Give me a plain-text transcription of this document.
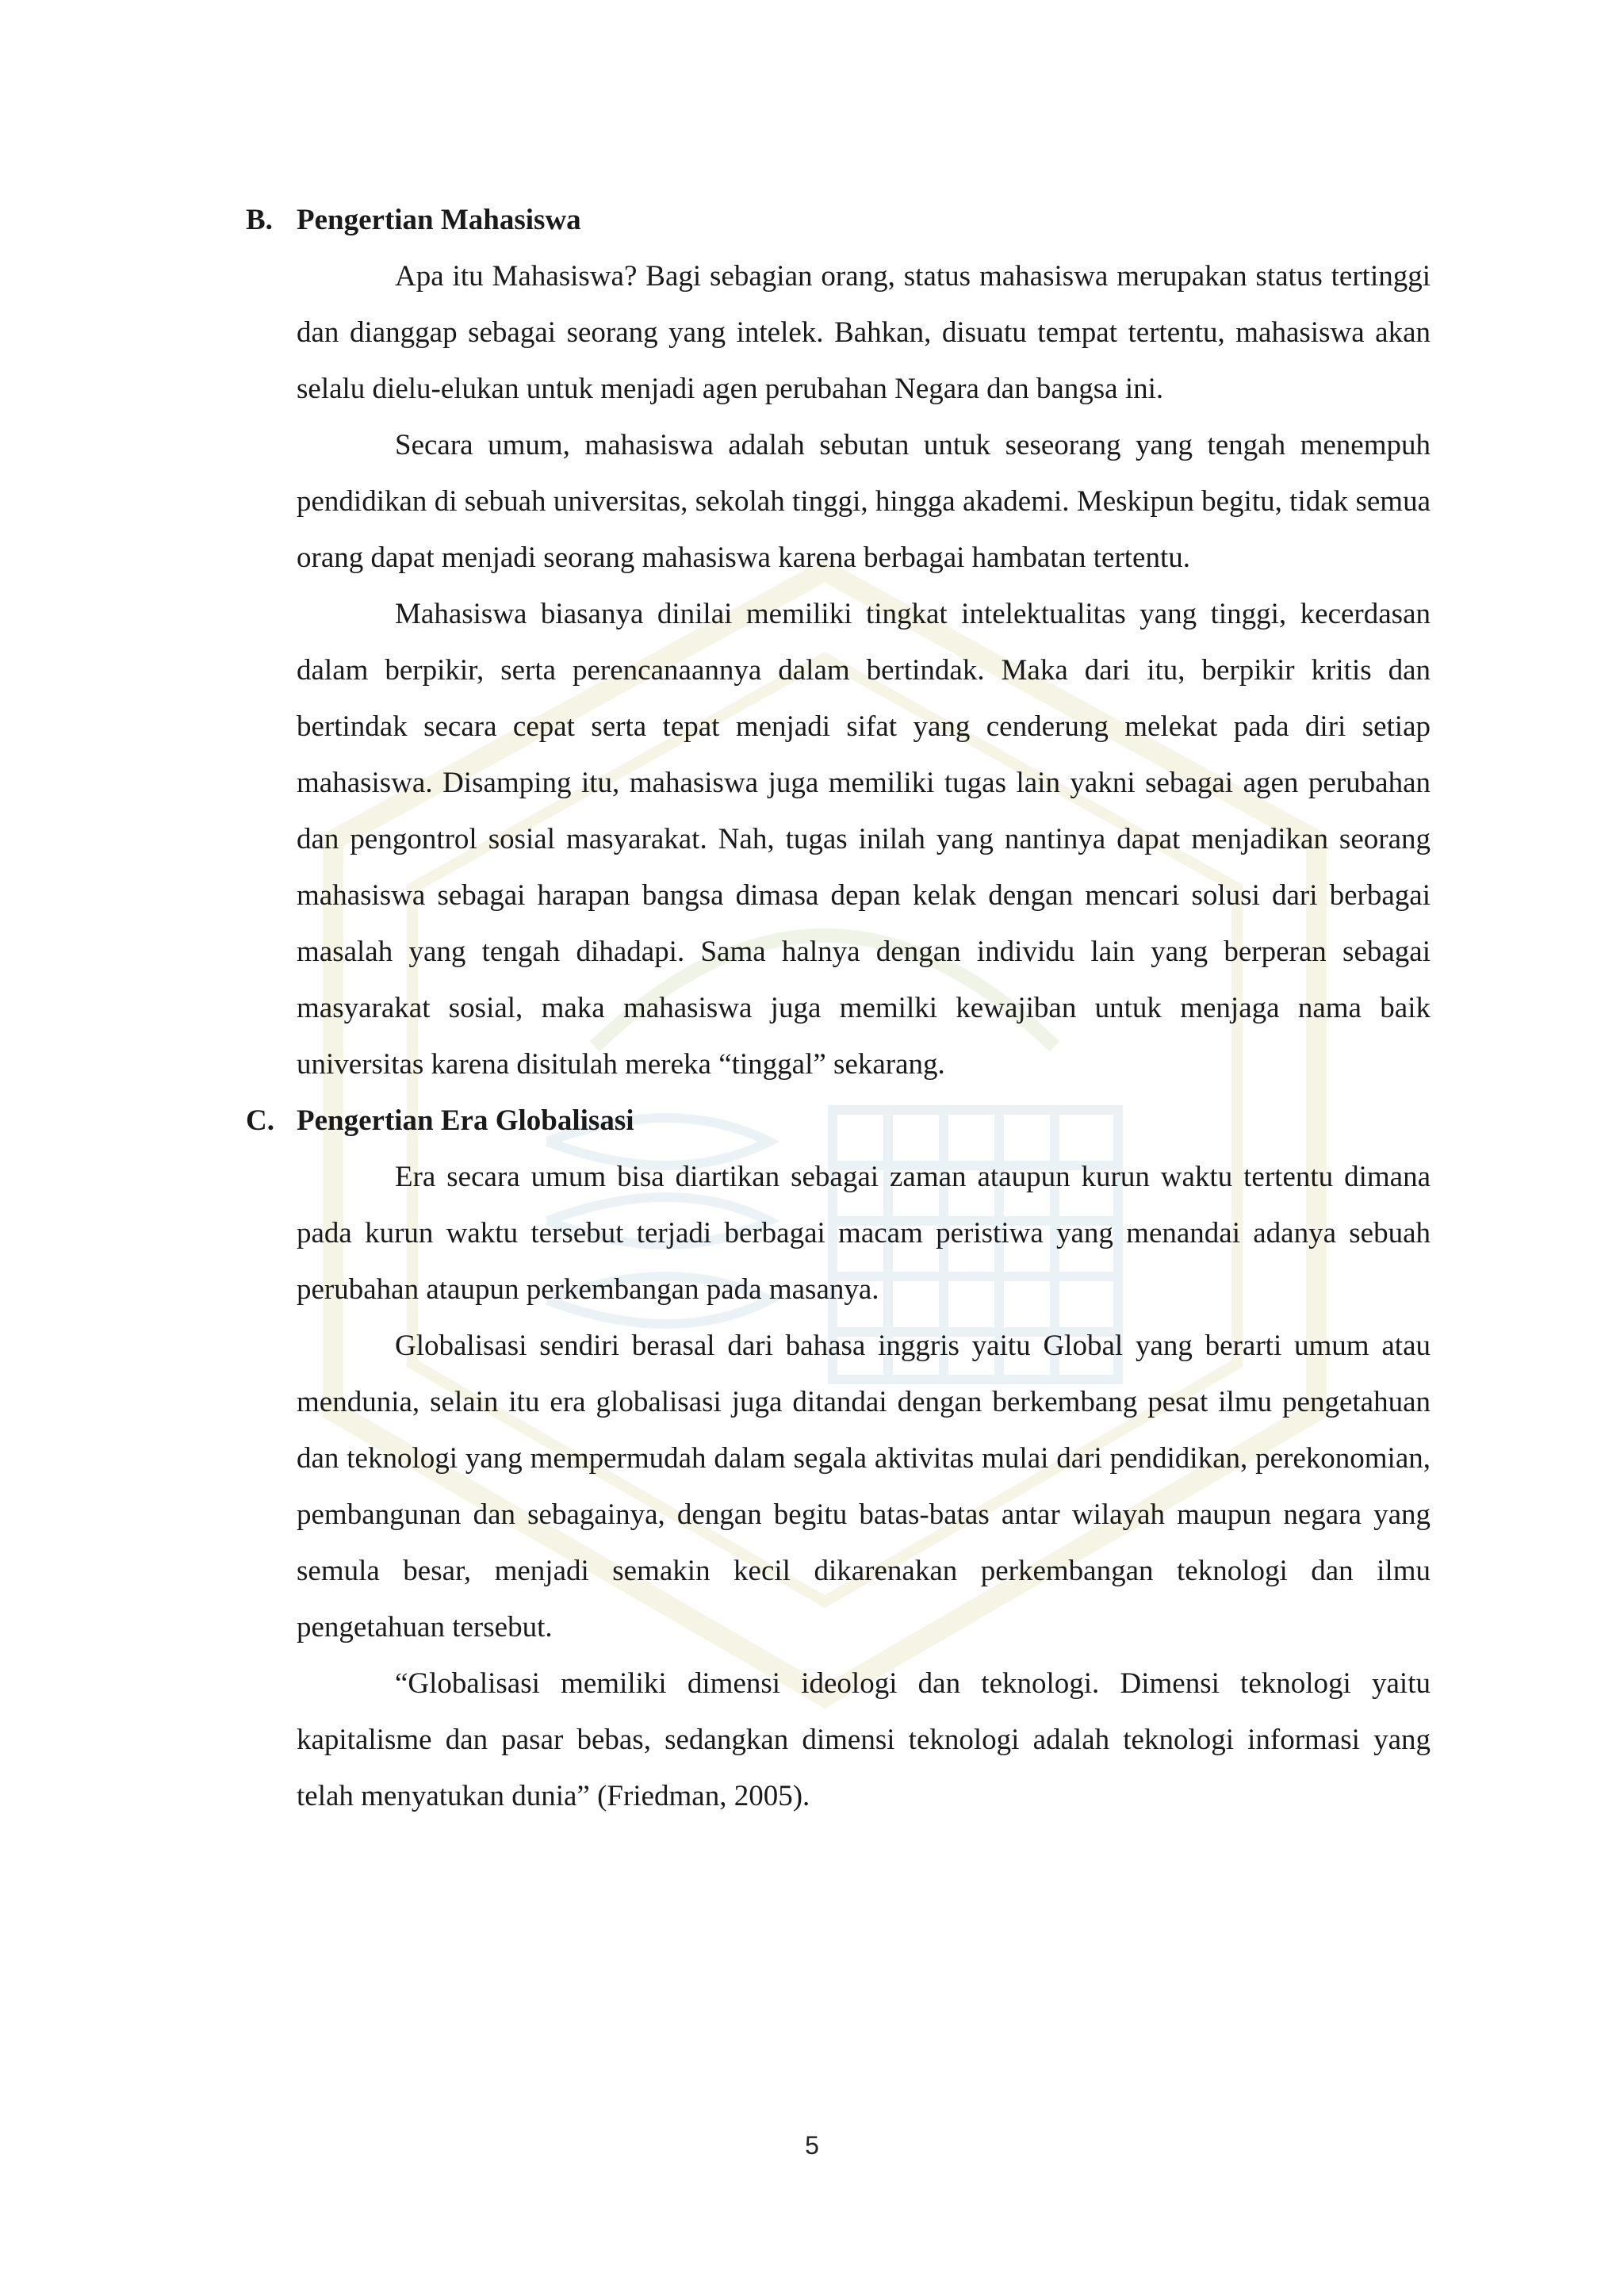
B. Pengertian Mahasiswa

Apa itu Mahasiswa? Bagi sebagian orang, status mahasiswa merupakan status tertinggi dan dianggap sebagai seorang yang intelek. Bahkan, disuatu tempat tertentu, mahasiswa akan selalu dielu-elukan untuk menjadi agen perubahan Negara dan bangsa ini.

Secara umum, mahasiswa adalah sebutan untuk seseorang yang tengah menempuh pendidikan di sebuah universitas, sekolah tinggi, hingga akademi. Meskipun begitu, tidak semua orang dapat menjadi seorang mahasiswa karena berbagai hambatan tertentu.

Mahasiswa biasanya dinilai memiliki tingkat intelektualitas yang tinggi, kecerdasan dalam berpikir, serta perencanaannya dalam bertindak. Maka dari itu, berpikir kritis dan bertindak secara cepat serta tepat menjadi sifat yang cenderung melekat pada diri setiap mahasiswa. Disamping itu, mahasiswa juga memiliki tugas lain yakni sebagai agen perubahan dan pengontrol sosial masyarakat. Nah, tugas inilah yang nantinya dapat menjadikan seorang mahasiswa sebagai harapan bangsa dimasa depan kelak dengan mencari solusi dari berbagai masalah yang tengah dihadapi. Sama halnya dengan individu lain yang berperan sebagai masyarakat sosial, maka mahasiswa juga memilki kewajiban untuk menjaga nama baik universitas karena disitulah mereka “tinggal” sekarang.

C. Pengertian Era Globalisasi

Era secara umum bisa diartikan sebagai zaman ataupun kurun waktu tertentu dimana pada kurun waktu tersebut terjadi berbagai macam peristiwa yang menandai adanya sebuah perubahan ataupun perkembangan pada masanya.

Globalisasi sendiri berasal dari bahasa inggris yaitu Global yang berarti umum atau mendunia, selain itu era globalisasi juga ditandai dengan berkembang pesat ilmu pengetahuan dan teknologi yang mempermudah dalam segala aktivitas mulai dari pendidikan, perekonomian, pembangunan dan sebagainya, dengan begitu batas-batas antar wilayah maupun negara yang semula besar, menjadi semakin kecil dikarenakan perkembangan teknologi dan ilmu pengetahuan tersebut.

“Globalisasi memiliki dimensi ideologi dan teknologi. Dimensi teknologi yaitu kapitalisme dan pasar bebas, sedangkan dimensi teknologi adalah teknologi informasi yang telah menyatukan dunia” (Friedman, 2005).

5
